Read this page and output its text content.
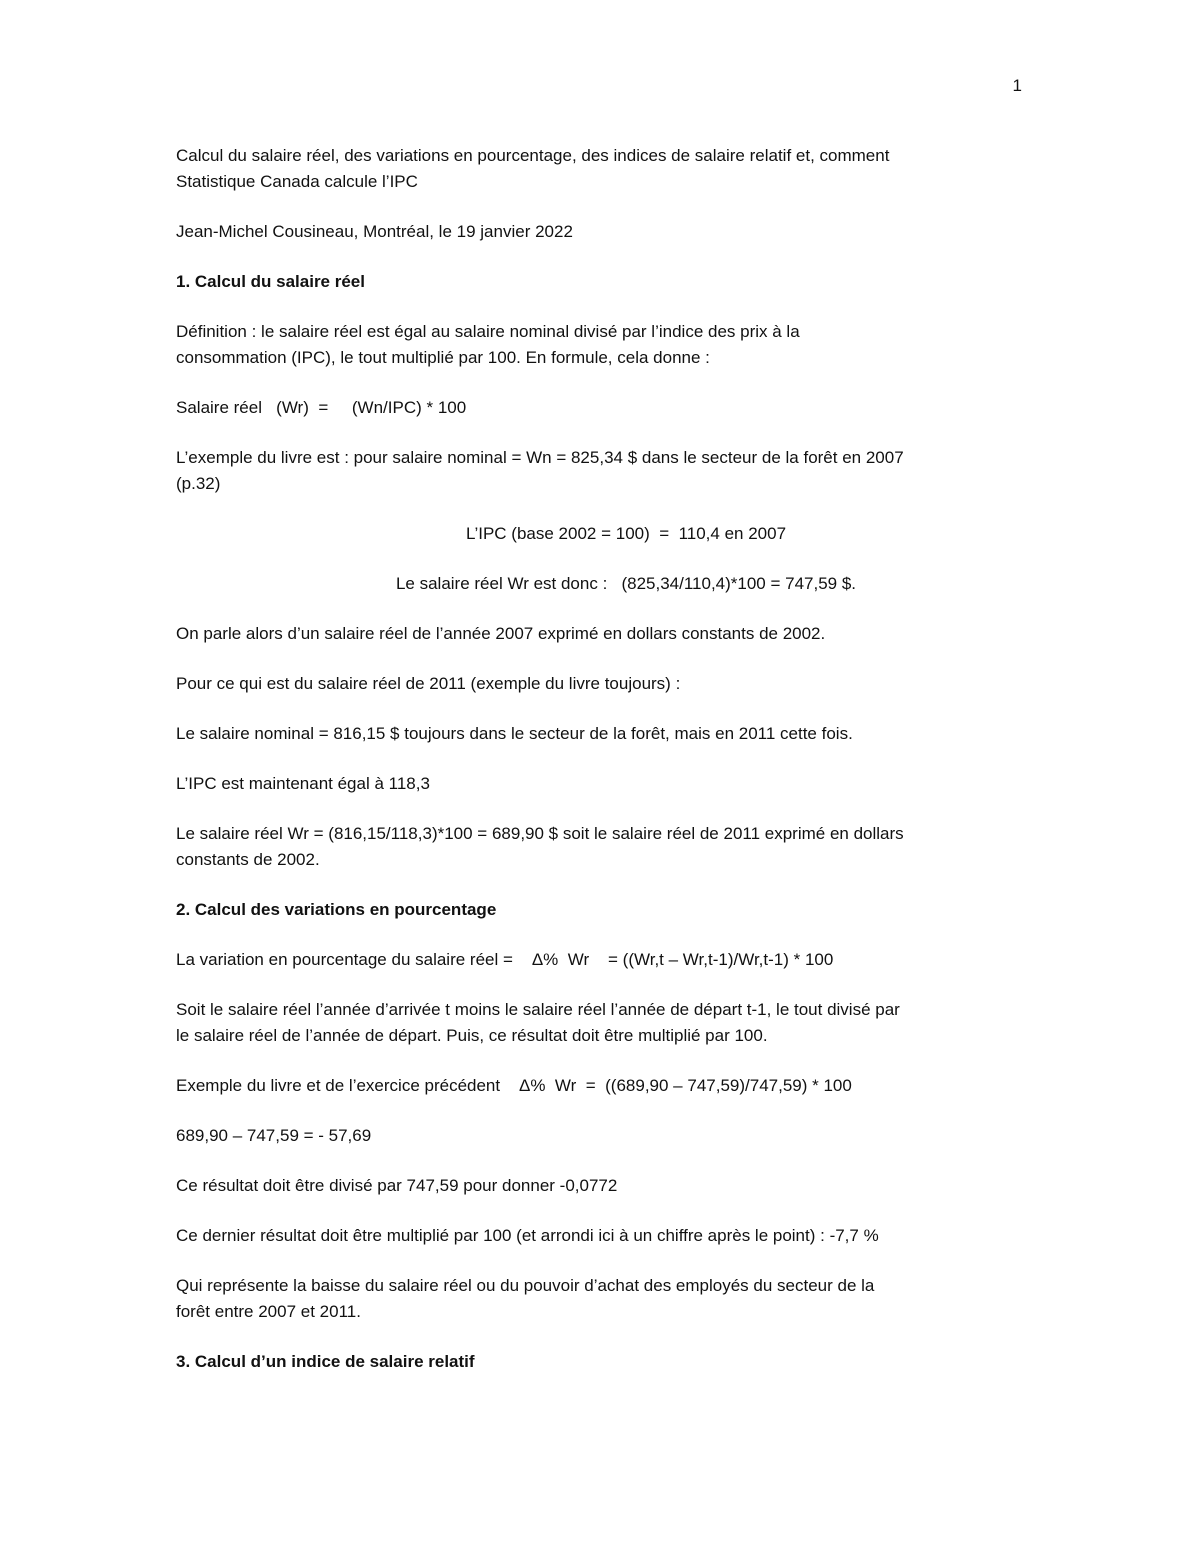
1
Calcul du salaire réel, des variations en pourcentage, des indices de salaire relatif et, comment
Statistique Canada calcule l’IPC
Jean-Michel Cousineau, Montréal, le 19 janvier 2022
1. Calcul du salaire réel
Définition : le salaire réel est égal au salaire nominal divisé par l’indice des prix à la
consommation (IPC), le tout multiplié par 100. En formule, cela donne :
Salaire réel   (Wr)  =     (Wn/IPC) * 100
L’exemple du livre est : pour salaire nominal = Wn = 825,34 $ dans le secteur de la forêt en 2007
(p.32)
L’IPC (base 2002 = 100)  =  110,4 en 2007
Le salaire réel Wr est donc :   (825,34/110,4)*100 = 747,59 $.
On parle alors d’un salaire réel de l’année 2007 exprimé en dollars constants de 2002.
Pour ce qui est du salaire réel de 2011 (exemple du livre toujours) :
Le salaire nominal = 816,15 $ toujours dans le secteur de la forêt, mais en 2011 cette fois.
L’IPC est maintenant égal à 118,3
Le salaire réel Wr = (816,15/118,3)*100 = 689,90 $ soit le salaire réel de 2011 exprimé en dollars
constants de 2002.
2. Calcul des variations en pourcentage
La variation en pourcentage du salaire réel =    Δ%  Wr    = ((Wr,t – Wr,t-1)/Wr,t-1) * 100
Soit le salaire réel l’année d’arrivée t moins le salaire réel l’année de départ t-1, le tout divisé par
le salaire réel de l’année de départ. Puis, ce résultat doit être multiplié par 100.
Exemple du livre et de l’exercice précédent    Δ%  Wr  =  ((689,90 – 747,59)/747,59) * 100
689,90 – 747,59 = - 57,69
Ce résultat doit être divisé par 747,59 pour donner -0,0772
Ce dernier résultat doit être multiplié par 100 (et arrondi ici à un chiffre après le point) : -7,7 %
Qui représente la baisse du salaire réel ou du pouvoir d’achat des employés du secteur de la
forêt entre 2007 et 2011.
3. Calcul d’un indice de salaire relatif
